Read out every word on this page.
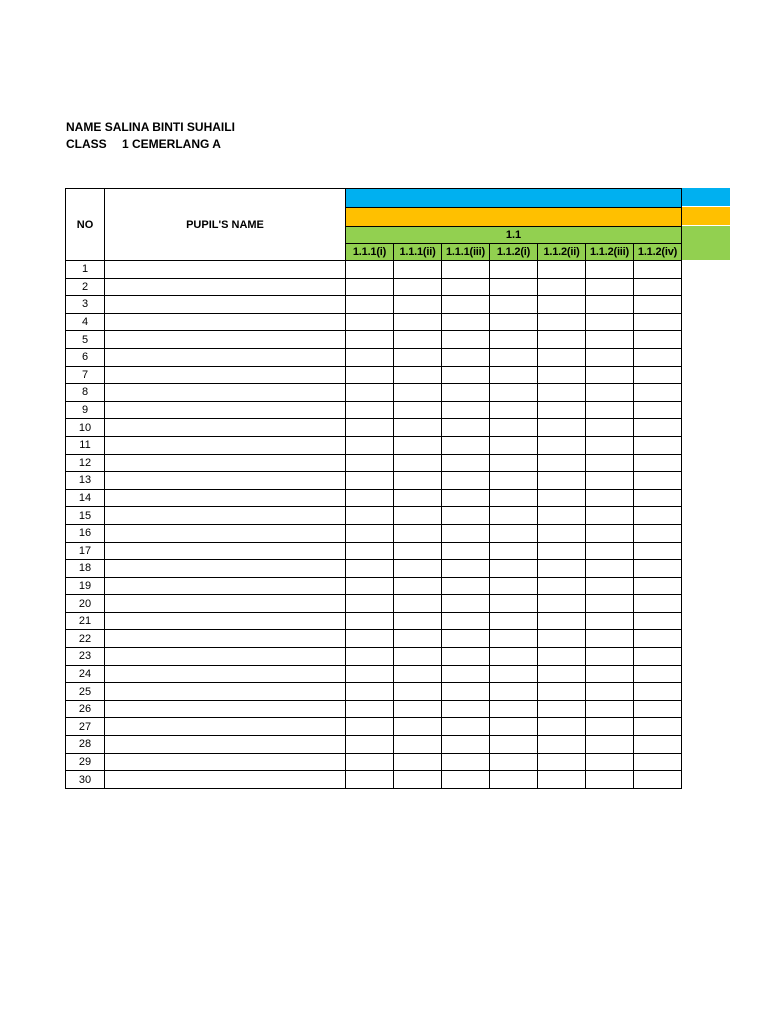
NAME SALINA BINTI SUHAILI
CLASS 1 CEMERLANG A
NO	PUPIL'S NAME							

		1.1						
		1.1.1(i)	1.1.1(ii)	1.1.1(iii)	1.1.2(i)	1.1.2(ii)	1.1.2(iii)	1.1.2(iv)
1								
2								
3								
4								
5								
6								
7								
8								
9								
10								
11								
12								
13								
14								
15								
16								
17								
18								
19								
20								
21								
22								
23								
24								
25								
26								
27								
28								
29								
30								
